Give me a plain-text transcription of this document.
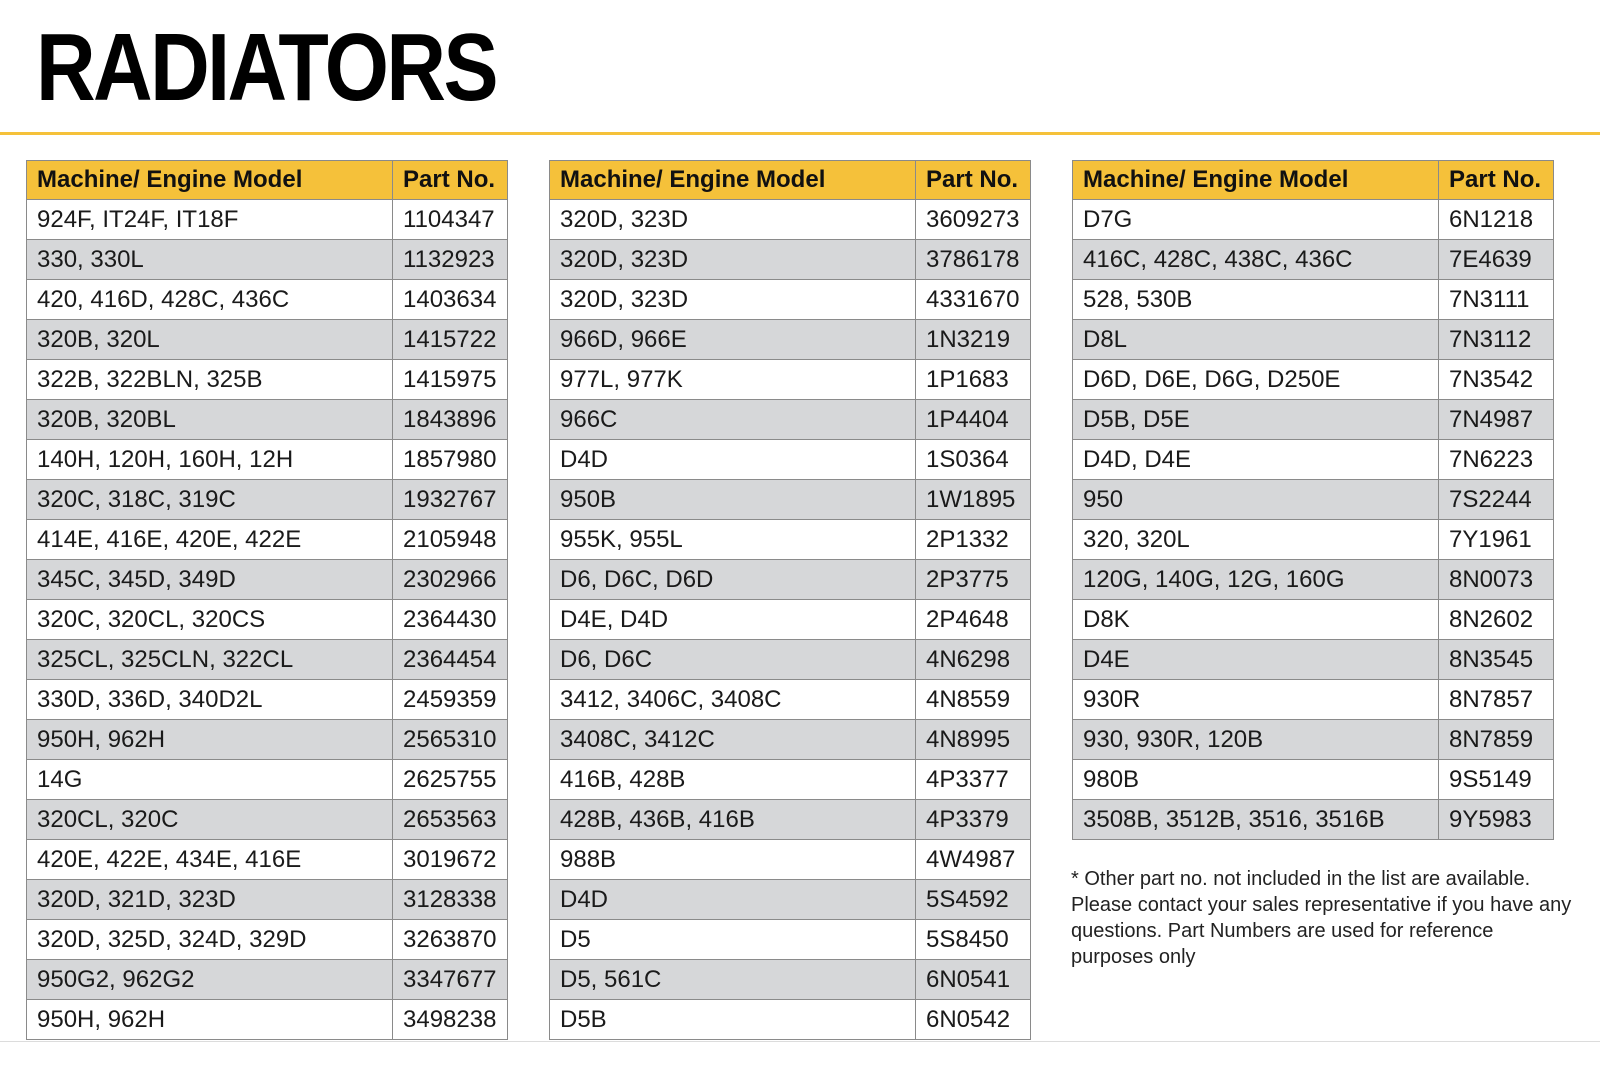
RADIATORS
Machine/ Engine Model	Part No.
924F, IT24F, IT18F	1104347
330, 330L	1132923
420, 416D, 428C, 436C	1403634
320B, 320L	1415722
322B, 322BLN, 325B	1415975
320B, 320BL	1843896
140H, 120H, 160H, 12H	1857980
320C, 318C, 319C	1932767
414E, 416E, 420E, 422E	2105948
345C, 345D, 349D	2302966
320C, 320CL, 320CS	2364430
325CL, 325CLN, 322CL	2364454
330D, 336D, 340D2L	2459359
950H, 962H	2565310
14G	2625755
320CL, 320C	2653563
420E, 422E, 434E, 416E	3019672
320D, 321D, 323D	3128338
320D, 325D, 324D, 329D	3263870
950G2, 962G2	3347677
950H, 962H	3498238
Machine/ Engine Model	Part No.
320D, 323D	3609273
320D, 323D	3786178
320D, 323D	4331670
966D, 966E	1N3219
977L, 977K	1P1683
966C	1P4404
D4D	1S0364
950B	1W1895
955K, 955L	2P1332
D6, D6C, D6D	2P3775
D4E, D4D	2P4648
D6, D6C	4N6298
3412, 3406C, 3408C	4N8559
3408C, 3412C	4N8995
416B, 428B	4P3377
428B, 436B, 416B	4P3379
988B	4W4987
D4D	5S4592
D5	5S8450
D5, 561C	6N0541
D5B	6N0542
Machine/ Engine Model	Part No.
D7G	6N1218
416C, 428C, 438C, 436C	7E4639
528, 530B	7N3111
D8L	7N3112
D6D, D6E, D6G, D250E	7N3542
D5B, D5E	7N4987
D4D, D4E	7N6223
950	7S2244
320, 320L	7Y1961
120G, 140G, 12G, 160G	8N0073
D8K	8N2602
D4E	8N3545
930R	8N7857
930, 930R, 120B	8N7859
980B	9S5149
3508B, 3512B, 3516, 3516B	9Y5983

* Other part no. not included in the list are available. Please contact your sales representative if you have any questions. Part Numbers are used for reference purposes only
